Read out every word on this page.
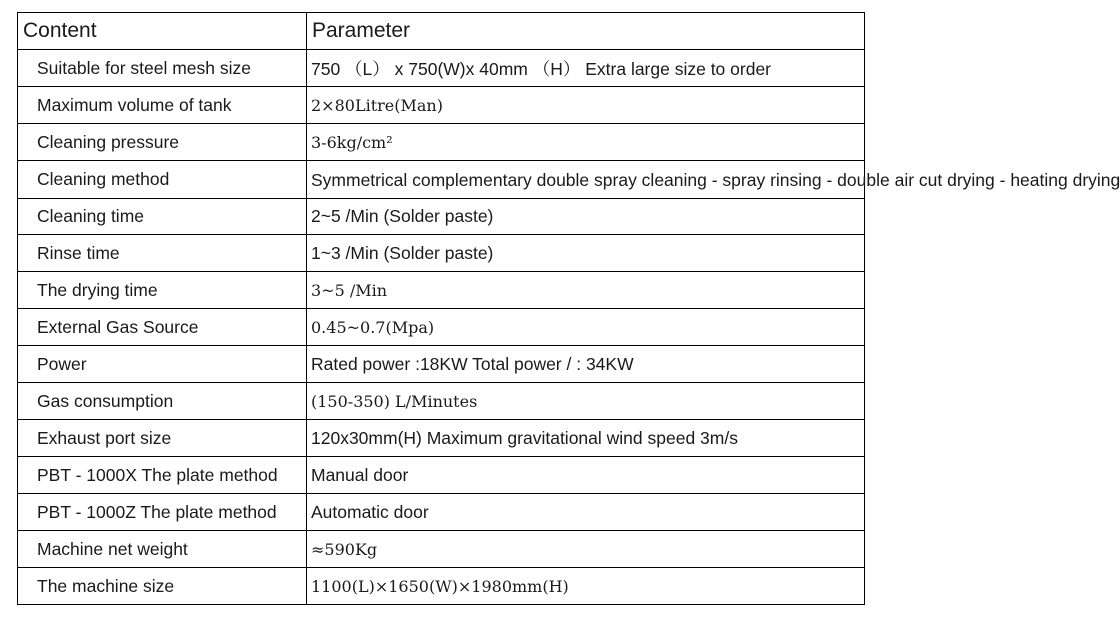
Content	Parameter
Suitable for steel mesh size	750 （L） x 750(W)x 40mm （H） Extra large size to order
Maximum volume of tank	2×80Litre(Man)
Cleaning pressure	3-6kg/cm²
Cleaning method	Symmetrical complementary double spray cleaning - spray rinsing - double air cut drying - heating drying
Cleaning time	2~5 /Min (Solder paste)
Rinse time	1~3 /Min (Solder paste)
The drying time	3~5 /Min
External Gas Source	0.45~0.7(Mpa)
Power	Rated power :18KW Total power / : 34KW
Gas consumption	(150-350) L/Minutes
Exhaust port size	120x30mm(H) Maximum gravitational wind speed 3m/s
PBT - 1000X The plate method	Manual door
PBT - 1000Z The plate method	Automatic door
Machine net weight	≈590Kg
The machine size	1100(L)×1650(W)×1980mm(H)
